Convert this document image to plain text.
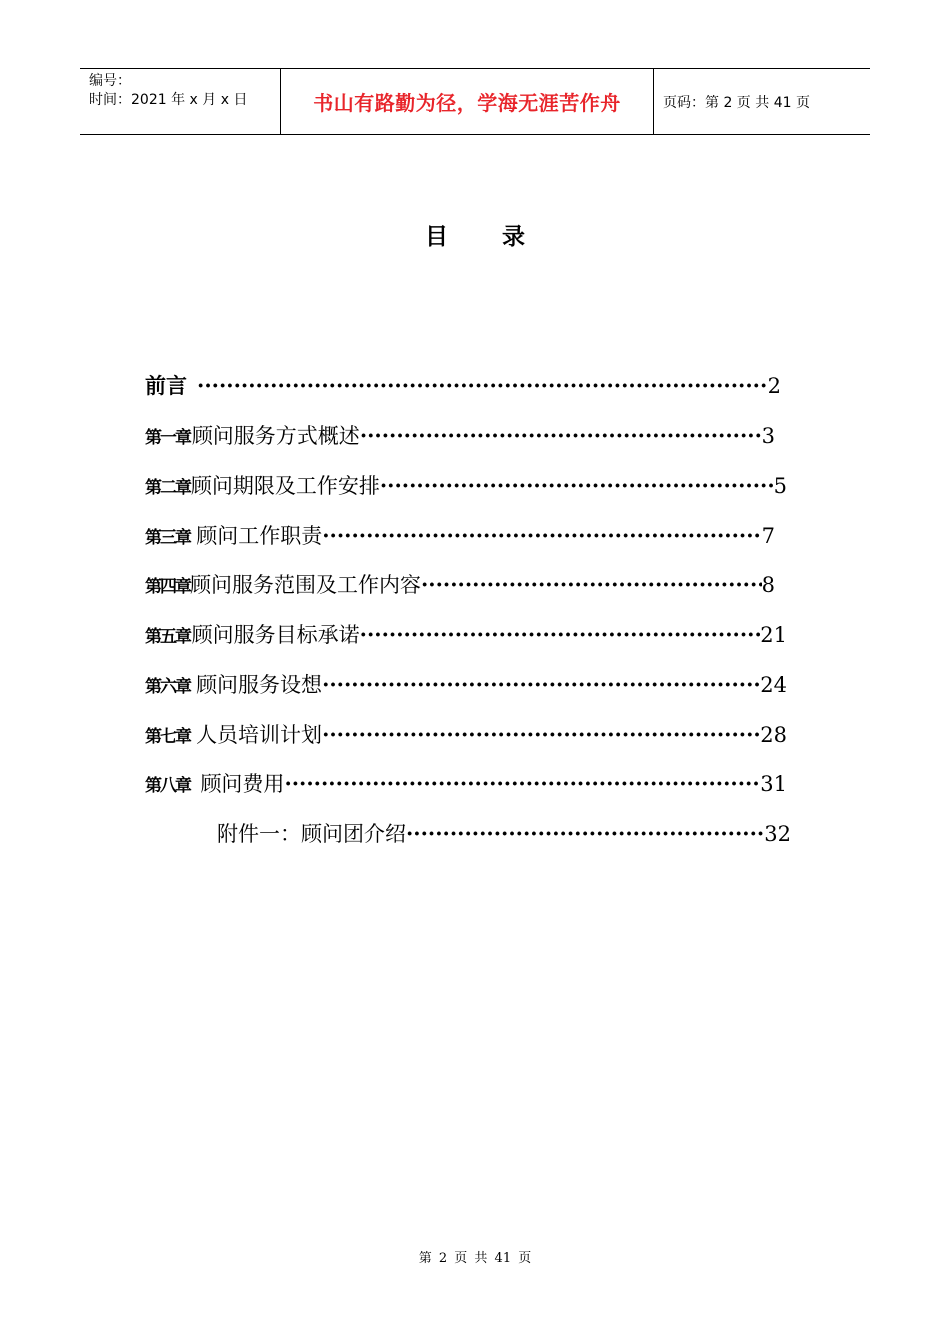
编号：
时间：2021 年 x 月 x 日	书山有路勤为径，学海无涯苦作舟	页码：第 2 页 共 41 页
目 录
前言 ·····	2
第一章 顾问服务方式概述 ·····	3
第二章 顾问期限及工作安排 ·····	5
第三章 顾问工作职责 ·····	7
第四章 顾问服务范围及工作内容 ·····	8
第五章 顾问服务目标承诺 ·····	21
第六章 顾问服务设想 ·····	24
第七章 人员培训计划 ·····	28
第八章 顾问费用 ·····	31
附件一：顾问团介绍 ·····	32
第 2 页 共 41 页
